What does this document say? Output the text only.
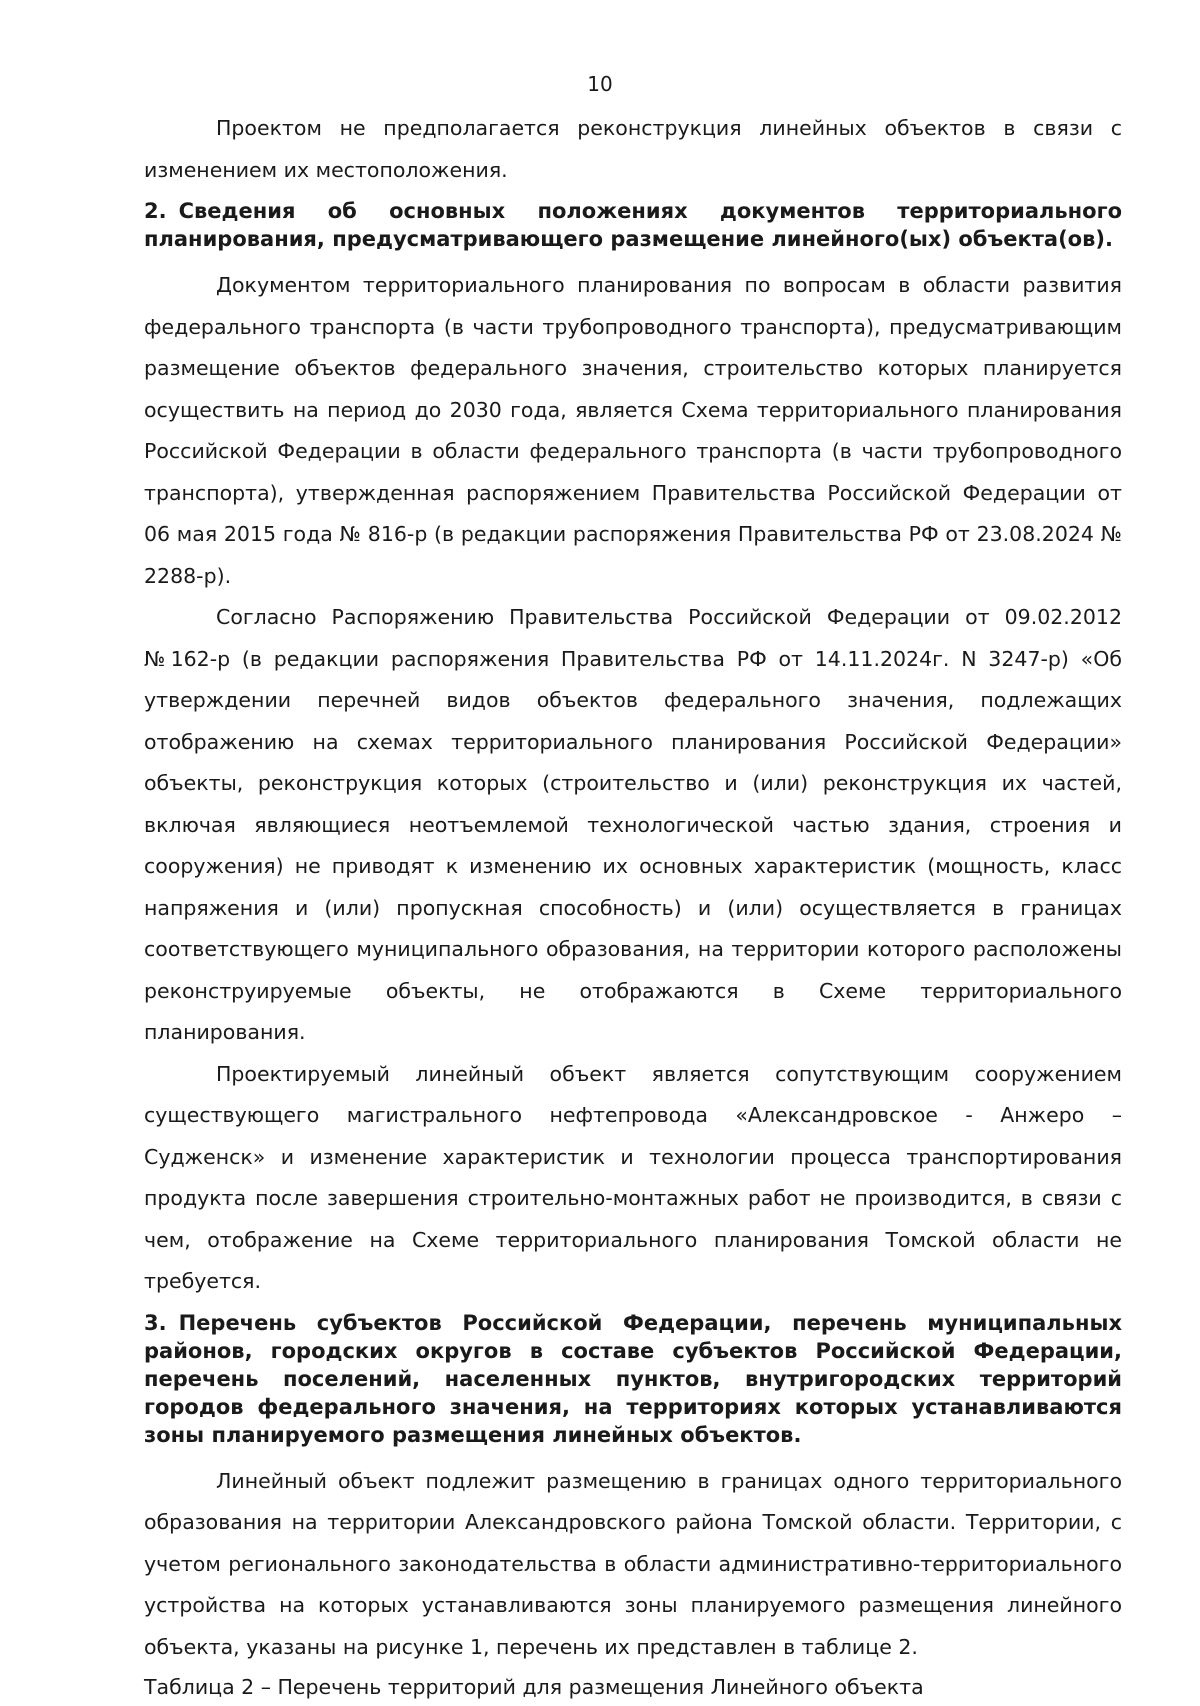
10

Проектом не предполагается реконструкция линейных объектов в связи с изменением их местоположения.

2. Сведения об основных положениях документов территориального планирования, предусматривающего размещение линейного(ых) объекта(ов).

Документом территориального планирования по вопросам в области развития федерального транспорта (в части трубопроводного транспорта), предусматривающим размещение объектов федерального значения, строительство которых планируется осуществить на период до 2030 года, является Схема территориального планирования Российской Федерации в области федерального транспорта (в части трубопроводного транспорта), утвержденная распоряжением Правительства Российской Федерации от 06 мая 2015 года № 816-р (в редакции распоряжения Правительства РФ от 23.08.2024 № 2288-р).

Согласно Распоряжению Правительства Российской Федерации от 09.02.2012 №162-р (в редакции распоряжения Правительства РФ от 14.11.2024г. N 3247-р) «Об утверждении перечней видов объектов федерального значения, подлежащих отображению на схемах территориального планирования Российской Федерации» объекты, реконструкция которых (строительство и (или) реконструкция их частей, включая являющиеся неотъемлемой технологической частью здания, строения и сооружения) не приводят к изменению их основных характеристик (мощность, класс напряжения и (или) пропускная способность) и (или) осуществляется в границах соответствующего муниципального образования, на территории которого расположены реконструируемые объекты, не отображаются в Схеме территориального планирования.

Проектируемый линейный объект является сопутствующим сооружением существующего магистрального нефтепровода «Александровское - Анжеро – Судженск» и изменение характеристик и технологии процесса транспортирования продукта после завершения строительно-монтажных работ не производится, в связи с чем, отображение на Схеме территориального планирования Томской области не требуется.

3. Перечень субъектов Российской Федерации, перечень муниципальных районов, городских округов в составе субъектов Российской Федерации, перечень поселений, населенных пунктов, внутригородских территорий городов федерального значения, на территориях которых устанавливаются зоны планируемого размещения линейных объектов.

Линейный объект подлежит размещению в границах одного территориального образования на территории Александровского района Томской области. Территории, с учетом регионального законодательства в области административно-территориального устройства на которых устанавливаются зоны планируемого размещения линейного объекта, указаны на рисунке 1, перечень их представлен в таблице 2.

Таблица 2 – Перечень территорий для размещения Линейного объекта
